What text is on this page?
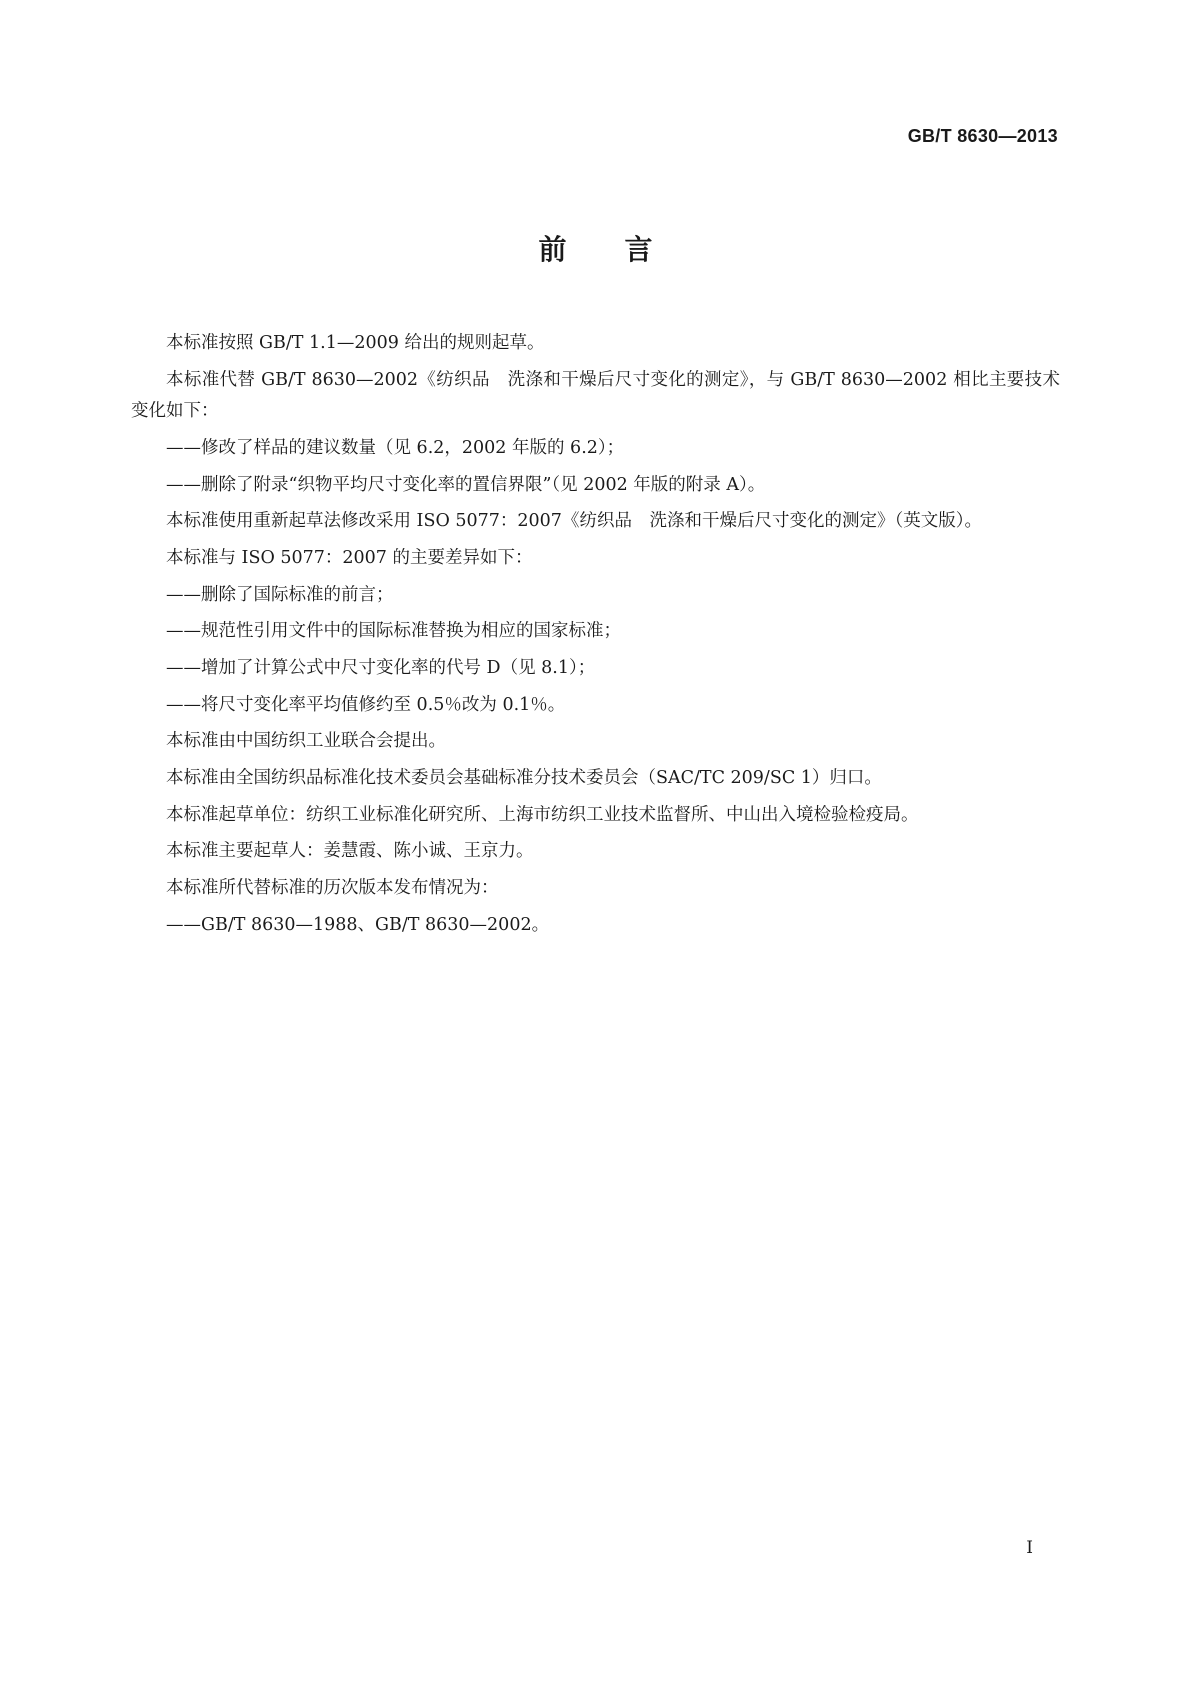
GB/T 8630—2013
前言

本标准按照 GB/T 1.1—2009 给出的规则起草。

本标准代替 GB/T 8630—2002《纺织品　洗涤和干燥后尺寸变化的测定》，与 GB/T 8630—2002 相比主要技术变化如下：

——修改了样品的建议数量（见 6.2，2002 年版的 6.2）；

——删除了附录“织物平均尺寸变化率的置信界限”（见 2002 年版的附录 A）。

本标准使用重新起草法修改采用 ISO 5077：2007《纺织品　洗涤和干燥后尺寸变化的测定》（英文版）。

本标准与 ISO 5077：2007 的主要差异如下：

——删除了国际标准的前言；

——规范性引用文件中的国际标准替换为相应的国家标准；

——增加了计算公式中尺寸变化率的代号 D（见 8.1）；

——将尺寸变化率平均值修约至 0.5％改为 0.1％。

本标准由中国纺织工业联合会提出。

本标准由全国纺织品标准化技术委员会基础标准分技术委员会（SAC/TC 209/SC 1）归口。

本标准起草单位：纺织工业标准化研究所、上海市纺织工业技术监督所、中山出入境检验检疫局。

本标准主要起草人：姜慧霞、陈小诚、王京力。

本标准所代替标准的历次版本发布情况为：

——GB/T 8630—1988、GB/T 8630—2002。

I
